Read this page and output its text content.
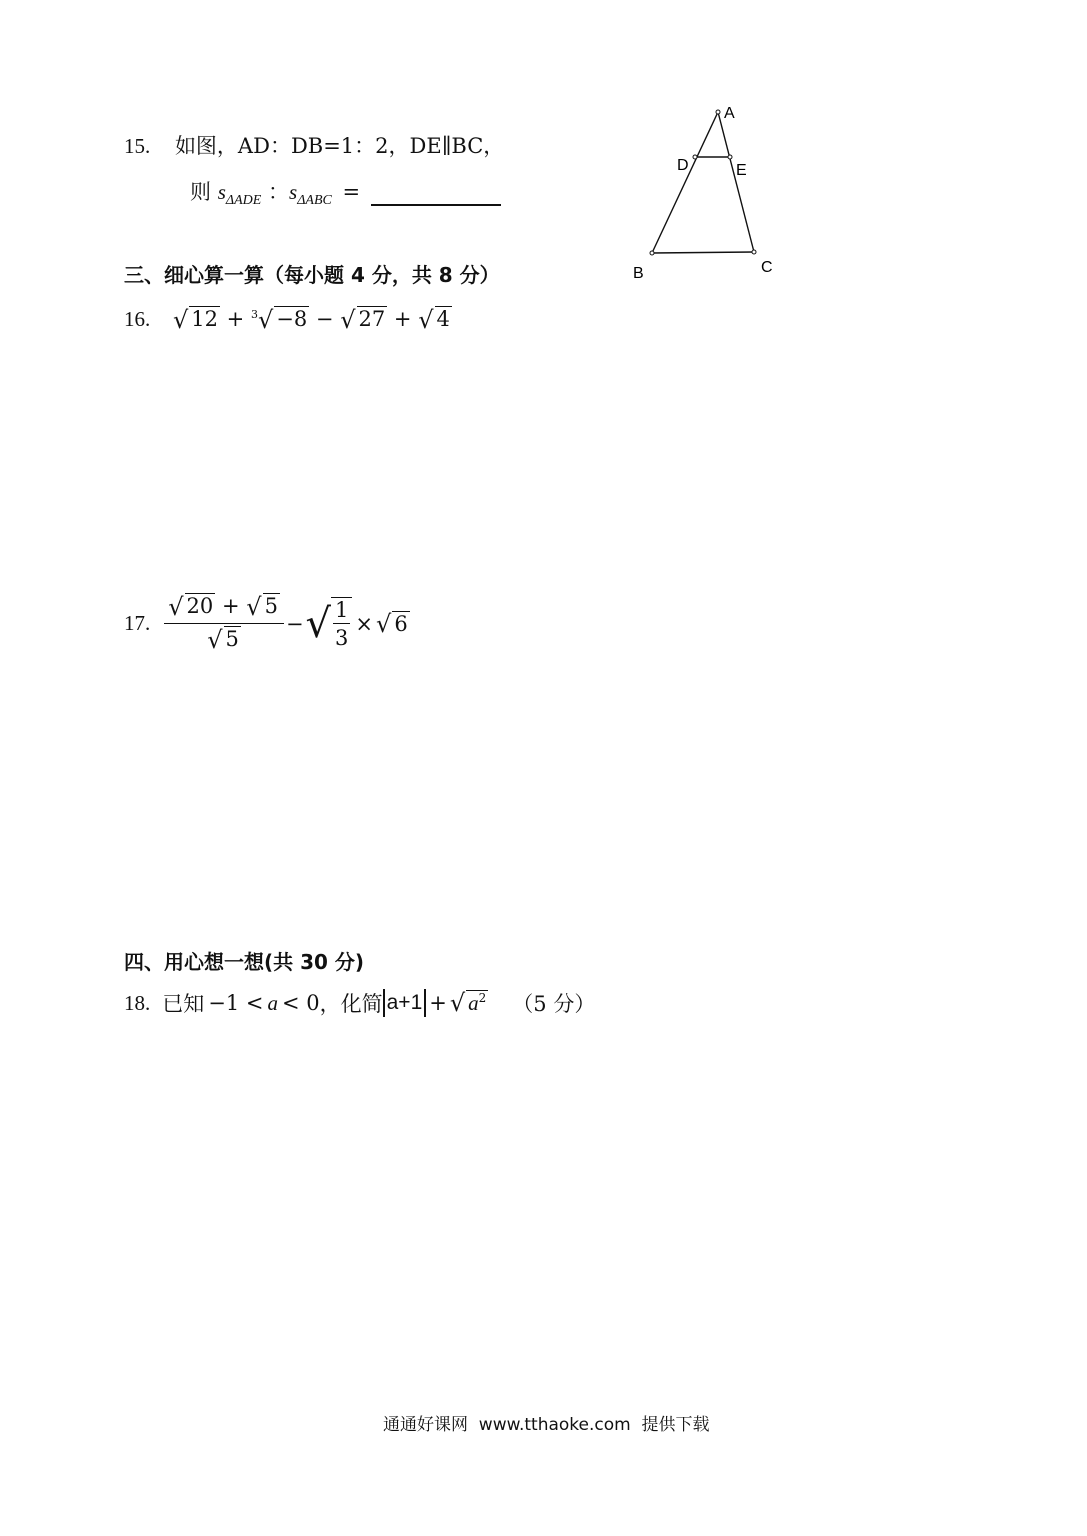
15. 如图，AD：DB=1：2，DE∥BC，
则 $s_{\Delta ADE}$ ：$s_{\Delta ABC}$ =
A
D	E
B	C
三、细心算一算（每小题 4 分，共 8 分）
16. √ 12 + $^3$√ −8 − √ 27 + √ 4
17. $\frac{√ 20 + √ 5}{√ 5}$ − √ $\frac{1}{3}$ × √ 6
四、用心想一想(共 30 分)
18. 已知 −1 < a < 0 ，化简 a+1 + √ $a^2$ （5 分）
通通好课网  www.tthaoke.com  提供下载
